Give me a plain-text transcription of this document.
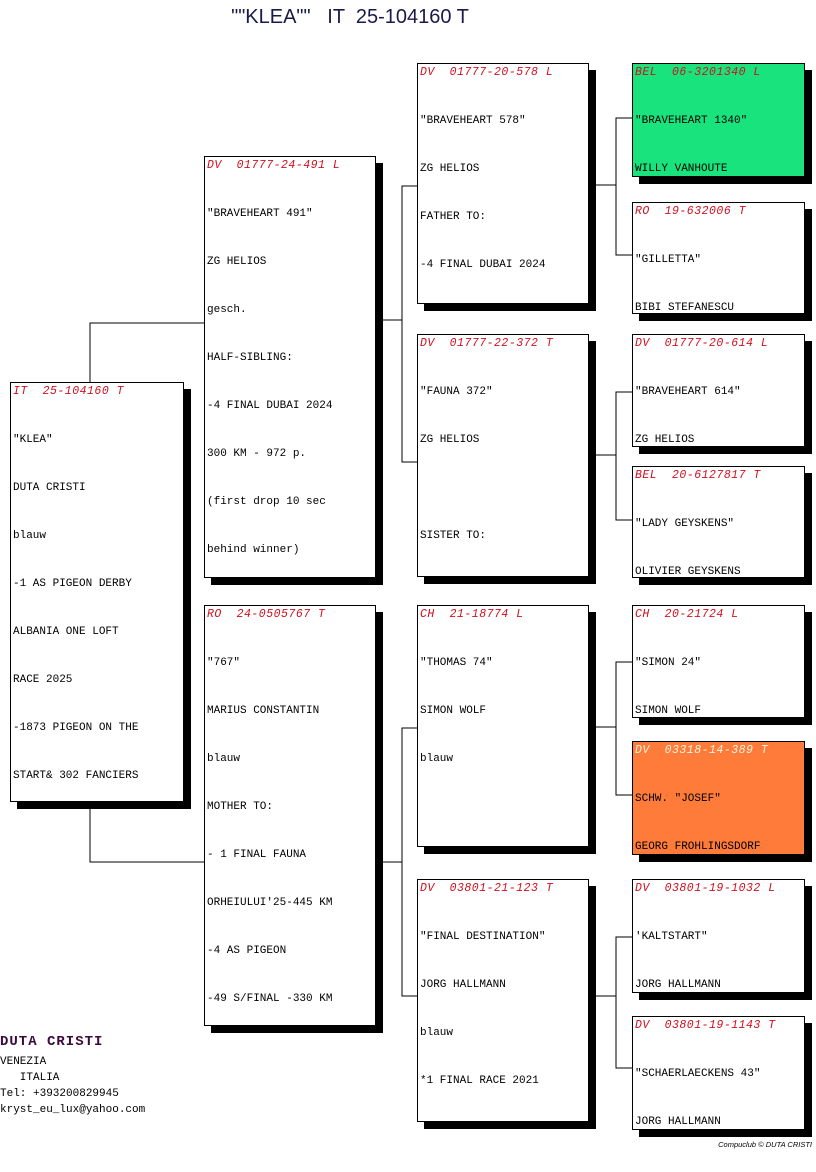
""KLEA""   IT  25-104160 T
IT  25-104160 T

"KLEA"

DUTA CRISTI

blauw

-1 AS PIGEON DERBY

ALBANIA ONE LOFT

RACE 2025

-1873 PIGEON ON THE

START& 302 FANCIERS

DV  01777-24-491 L

"BRAVEHEART 491"

ZG HELIOS

gesch.

HALF-SIBLING:

-4 FINAL DUBAI 2024

300 KM - 972 p.

(first drop 10 sec

behind winner)

RO  24-0505767 T

"767"

MARIUS CONSTANTIN

blauw

MOTHER TO:

- 1 FINAL FAUNA

ORHEIULUI'25-445 KM

-4 AS PIGEON

-49 S/FINAL -330 KM

DV  01777-20-578 L

"BRAVEHEART 578"

ZG HELIOS

FATHER TO:

-4 FINAL DUBAI 2024

DV  01777-22-372 T

"FAUNA 372"

ZG HELIOS

SISTER TO:

CH  21-18774 L

"THOMAS 74"

SIMON WOLF

blauw

DV  03801-21-123 T

"FINAL DESTINATION"

JORG HALLMANN

blauw

*1 FINAL RACE 2021

BEL  06-3201340 L

"BRAVEHEART 1340"

WILLY VANHOUTE

RO  19-632006 T

"GILLETTA"

BIBI STEFANESCU

DV  01777-20-614 L

"BRAVEHEART 614"

ZG HELIOS

BEL  20-6127817 T

"LADY GEYSKENS"

OLIVIER GEYSKENS

CH  20-21724 L

"SIMON 24"

SIMON WOLF

DV  03318-14-389 T

SCHW. "JOSEF"

GEORG FROHLINGSDORF

DV  03801-19-1032 L

'KALTSTART"

JORG HALLMANN

DV  03801-19-1143 T

"SCHAERLAECKENS 43"

JORG HALLMANN

DUTA CRISTI
VENEZIA
ITALIA
Tel: +393200829945
kryst_eu_lux@yahoo.com
Compuclub © DUTA CRISTI
